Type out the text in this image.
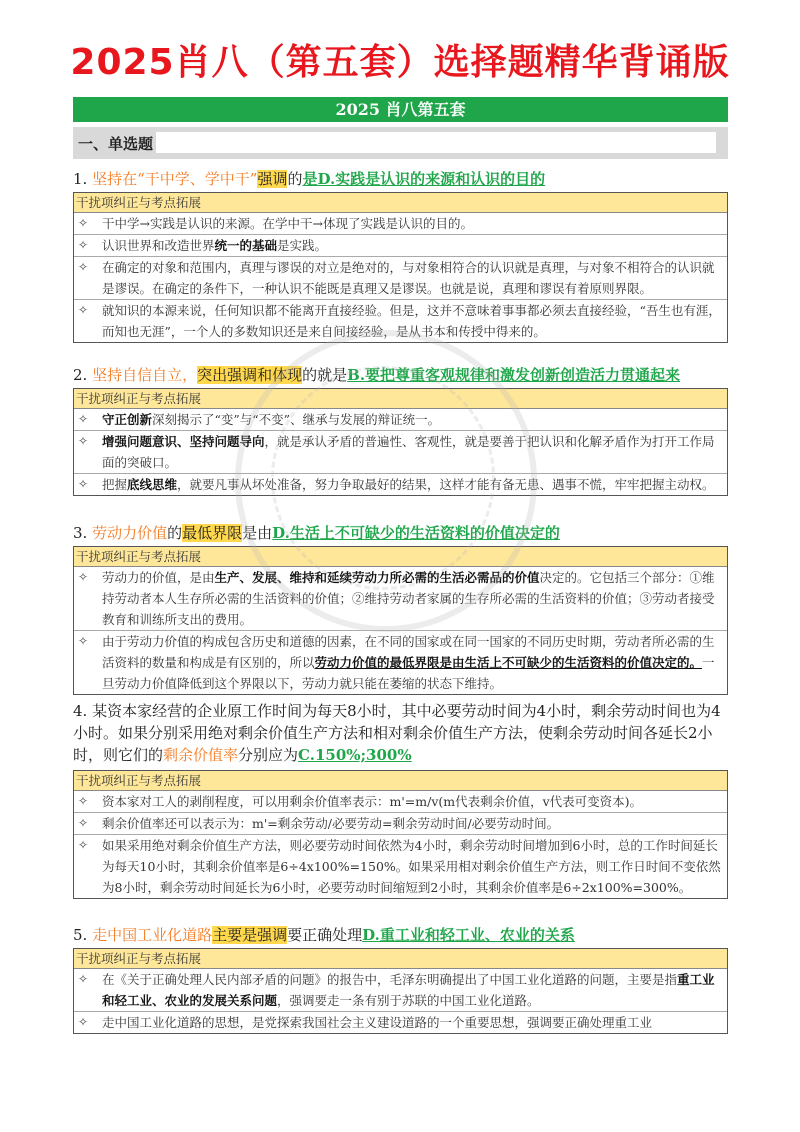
2025肖八（第五套）选择题精华背诵版
2025 肖八第五套
一、单选题
1. 坚持在“干中学、学中干”强调的是D.实践是认识的来源和认识的目的
干扰项纠正与考点拓展
✧ 干中学→实践是认识的来源。在学中干→体现了实践是认识的目的。
✧ 认识世界和改造世界统一的基础是实践。
✧ 在确定的对象和范围内，真理与谬误的对立是绝对的，与对象相符合的认识就是真理，与对象不相符合的认识就是谬误。在确定的条件下，一种认识不能既是真理又是谬误。也就是说，真理和谬误有着原则界限。
✧ 就知识的本源来说，任何知识都不能离开直接经验。但是，这并不意味着事事都必须去直接经验，“吾生也有涯，而知也无涯”，一个人的多数知识还是来自间接经验，是从书本和传授中得来的。
2. 坚持自信自立，突出强调和体现的就是B.要把尊重客观规律和激发创新创造活力贯通起来
干扰项纠正与考点拓展
✧ 守正创新深刻揭示了“变”与“不变”、继承与发展的辩证统一。
✧ 增强问题意识、坚持问题导向，就是承认矛盾的普遍性、客观性，就是要善于把认识和化解矛盾作为打开工作局面的突破口。
✧ 把握底线思维，就要凡事从坏处准备，努力争取最好的结果，这样才能有备无患、遇事不慌，牢牢把握主动权。
3. 劳动力价值的最低界限是由D.生活上不可缺少的生活资料的价值决定的
干扰项纠正与考点拓展
✧ 劳动力的价值，是由生产、发展、维持和延续劳动力所必需的生活必需品的价值决定的。它包括三个部分：①维持劳动者本人生存所必需的生活资料的价值；②维持劳动者家属的生存所必需的生活资料的价值；③劳动者接受教育和训练所支出的费用。
✧ 由于劳动力价值的构成包含历史和道德的因素，在不同的国家或在同一国家的不同历史时期，劳动者所必需的生活资料的数量和构成是有区别的，所以劳动力价值的最低界限是由生活上不可缺少的生活资料的价值决定的。一旦劳动力价值降低到这个界限以下，劳动力就只能在萎缩的状态下维持。
4. 某资本家经营的企业原工作时间为每天8小时，其中必要劳动时间为4小时，剩余劳动时间也为4小时。如果分别采用绝对剩余价值生产方法和相对剩余价值生产方法，使剩余劳动时间各延长2小时，则它们的剩余价值率分别应为C.150%;300%
干扰项纠正与考点拓展
✧ 资本家对工人的剥削程度，可以用剩余价值率表示：m'=m/v(m代表剩余价值，v代表可变资本)。
✧ 剩余价值率还可以表示为：m'=剩余劳动/必要劳动=剩余劳动时间/必要劳动时间。
✧ 如果采用绝对剩余价值生产方法，则必要劳动时间依然为4小时，剩余劳动时间增加到6小时，总的工作时间延长为每天10小时，其剩余价值率是6÷4x100%=150%。如果采用相对剩余价值生产方法，则工作日时间不变依然为8小时，剩余劳动时间延长为6小时，必要劳动时间缩短到2小时，其剩余价值率是6÷2x100%=300%。
5. 走中国工业化道路主要是强调要正确处理D.重工业和轻工业、农业的关系
干扰项纠正与考点拓展
✧ 在《关于正确处理人民内部矛盾的问题》的报告中，毛泽东明确提出了中国工业化道路的问题，主要是指重工业和轻工业、农业的发展关系问题，强调要走一条有别于苏联的中国工业化道路。
✧ 走中国工业化道路的思想，是党探索我国社会主义建设道路的一个重要思想，强调要正确处理重工业
